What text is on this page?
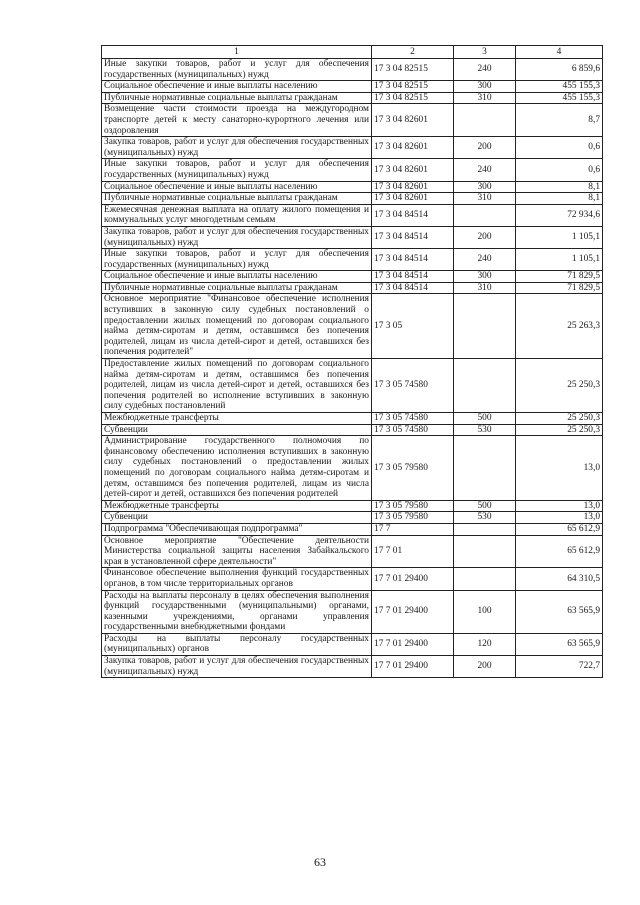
1	2	3	4
Иные закупки товаров, работ и услуг для обеспечения государственных (муниципальных) нужд	17 3 04 82515	240	6 859,6
Социальное обеспечение и иные выплаты населению	17 3 04 82515	300	455 155,3
Публичные нормативные социальные выплаты гражданам	17 3 04 82515	310	455 155,3
Возмещение части стоимости проезда на междугородном транспорте детей к месту санаторно-курортного лечения или оздоровления	17 3 04 82601		8,7
Закупка товаров, работ и услуг для обеспечения государственных (муниципальных) нужд	17 3 04 82601	200	0,6
Иные закупки товаров, работ и услуг для обеспечения государственных (муниципальных) нужд	17 3 04 82601	240	0,6
Социальное обеспечение и иные выплаты населению	17 3 04 82601	300	8,1
Публичные нормативные социальные выплаты гражданам	17 3 04 82601	310	8,1
Ежемесячная денежная выплата на оплату жилого помещения и коммунальных услуг многодетным семьям	17 3 04 84514		72 934,6
Закупка товаров, работ и услуг для обеспечения государственных (муниципальных) нужд	17 3 04 84514	200	1 105,1
Иные закупки товаров, работ и услуг для обеспечения государственных (муниципальных) нужд	17 3 04 84514	240	1 105,1
Социальное обеспечение и иные выплаты населению	17 3 04 84514	300	71 829,5
Публичные нормативные социальные выплаты гражданам	17 3 04 84514	310	71 829,5
Основное мероприятие "Финансовое обеспечение исполнения вступивших в законную силу судебных постановлений о предоставлении жилых помещений по договорам социального найма детям-сиротам и детям, оставшимся без попечения родителей, лицам из числа детей-сирот и детей, оставшихся без попечения родителей"	17 3 05		25 263,3
Предоставление жилых помещений по договорам социального найма детям-сиротам и детям, оставшимся без попечения родителей, лицам из числа детей-сирот и детей, оставшихся без попечения родителей во исполнение вступивших в законную силу судебных постановлений	17 3 05 74580		25 250,3
Межбюджетные трансферты	17 3 05 74580	500	25 250,3
Субвенции	17 3 05 74580	530	25 250,3
Администрирование государственного полномочия по финансовому обеспечению исполнения вступивших в законную силу судебных постановлений о предоставлении жилых помещений по договорам социального найма детям-сиротам и детям, оставшимся без попечения родителей, лицам из числа детей-сирот и детей, оставшихся без попечения родителей	17 3 05 79580		13,0
Межбюджетные трансферты	17 3 05 79580	500	13,0
Субвенции	17 3 05 79580	530	13,0
Подпрограмма "Обеспечивающая подпрограмма"	17 7		65 612,9
Основное мероприятие "Обеспечение деятельности Министерства социальной защиты населения Забайкальского края в установленной сфере деятельности"	17 7 01		65 612,9
Финансовое обеспечение выполнения функций государственных органов, в том числе территориальных органов	17 7 01 29400		64 310,5
Расходы на выплаты персоналу в целях обеспечения выполнения функций государственными (муниципальными) органами, казенными учреждениями, органами управления государственными внебюджетными фондами	17 7 01 29400	100	63 565,9
Расходы на выплаты персоналу государственных (муниципальных) органов	17 7 01 29400	120	63 565,9
Закупка товаров, работ и услуг для обеспечения государственных (муниципальных) нужд	17 7 01 29400	200	722,7
63
